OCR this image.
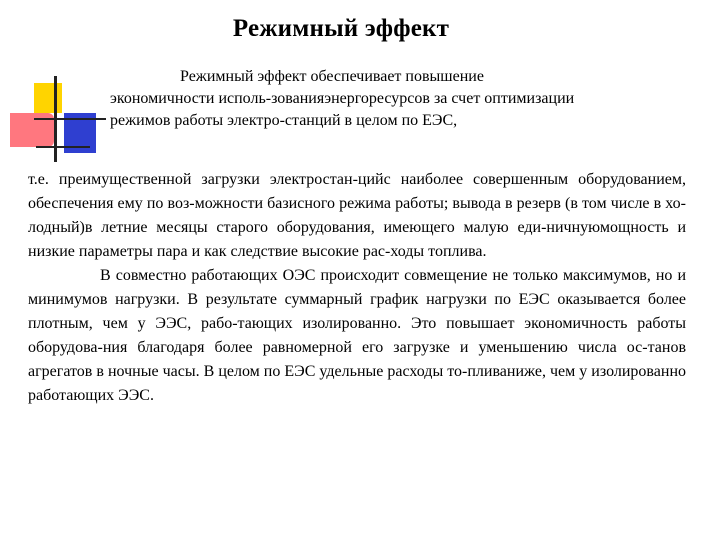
Режимный эффект
Режимный эффект обеспечивает повышение
экономичности исполь-зованияэнергоресурсов за счет оптимизации
режимов работы электро-станций в целом по ЕЭС,

т.е. преимущественной загрузки электростан-цийс наиболее совершенным оборудованием, обеспечения ему по воз-можности базисного режима работы; вывода в резерв (в том числе в хо-лодный)в летние месяцы старого оборудования, имеющего малую еди-ничнуюмощность и низкие параметры пара и как следствие высокие рас-ходы топлива.

В совместно работающих ОЭС происходит совмещение не только максимумов, но и минимумов нагрузки. В результате суммарный график нагрузки по ЕЭС оказывается более плотным, чем у ЭЭС, рабо-тающих изолированно. Это повышает экономичность работы оборудова-ния благодаря более равномерной его загрузке и уменьшению числа ос-танов агрегатов в ночные часы. В целом по ЕЭС удельные расходы то-пливаниже, чем у изолированно работающих ЭЭС.
